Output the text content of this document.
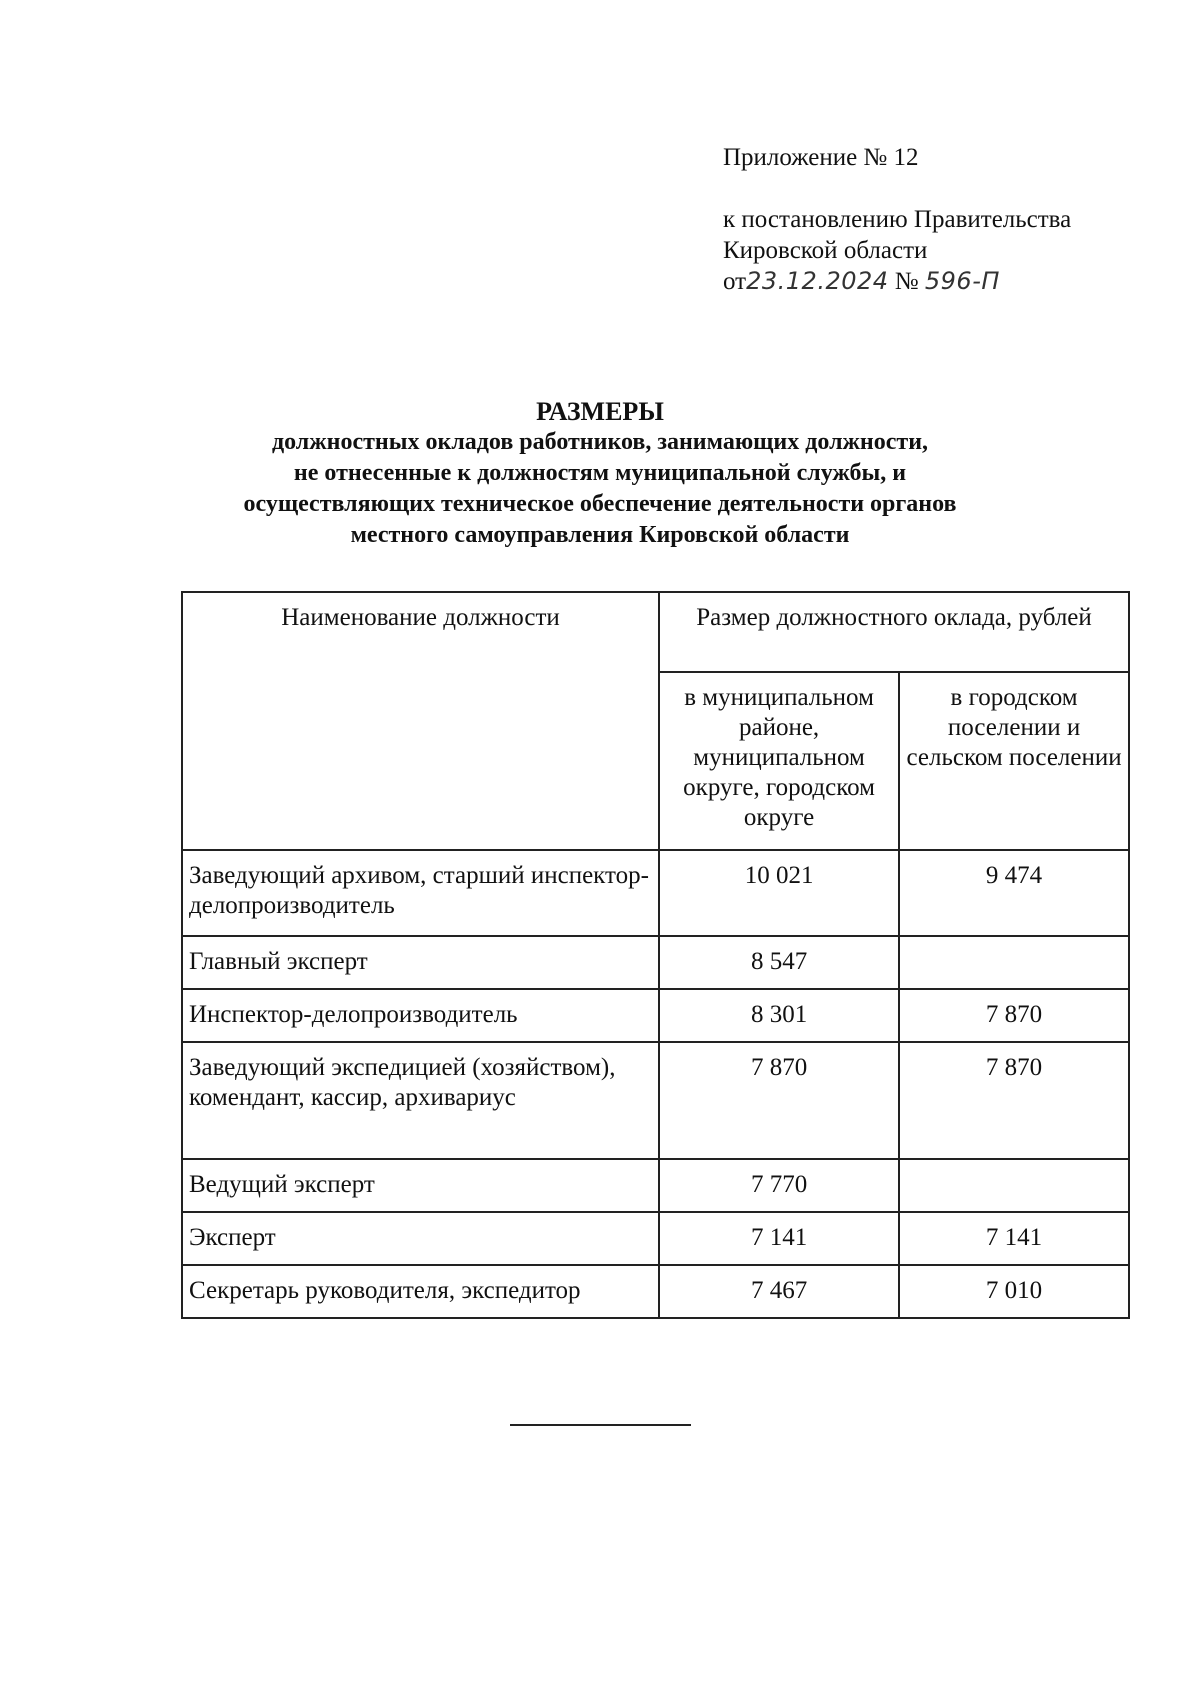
Приложение № 12
к постановлению Правительства
Кировской области
от23.12.2024 № 596-П
РАЗМЕРЫ
должностных окладов работников, занимающих должности,
не отнесенные к должностям муниципальной службы, и
осуществляющих техническое обеспечение деятельности органов
местного самоуправления Кировской области
Наименование должности	Размер должностного оклада, рублей	
	в муниципальном районе, муниципальном округе, городском округе	в городском поселении и сельском поселении
Заведующий архивом, старший инспектор-делопроизводитель	10 021	9 474
Главный эксперт	8 547	
Инспектор-делопроизводитель	8 301	7 870
Заведующий экспедицией (хозяйством), комендант, кассир, архивариус	7 870	7 870
Ведущий эксперт	7 770	
Эксперт	7 141	7 141
Секретарь руководителя, экспедитор	7 467	7 010
